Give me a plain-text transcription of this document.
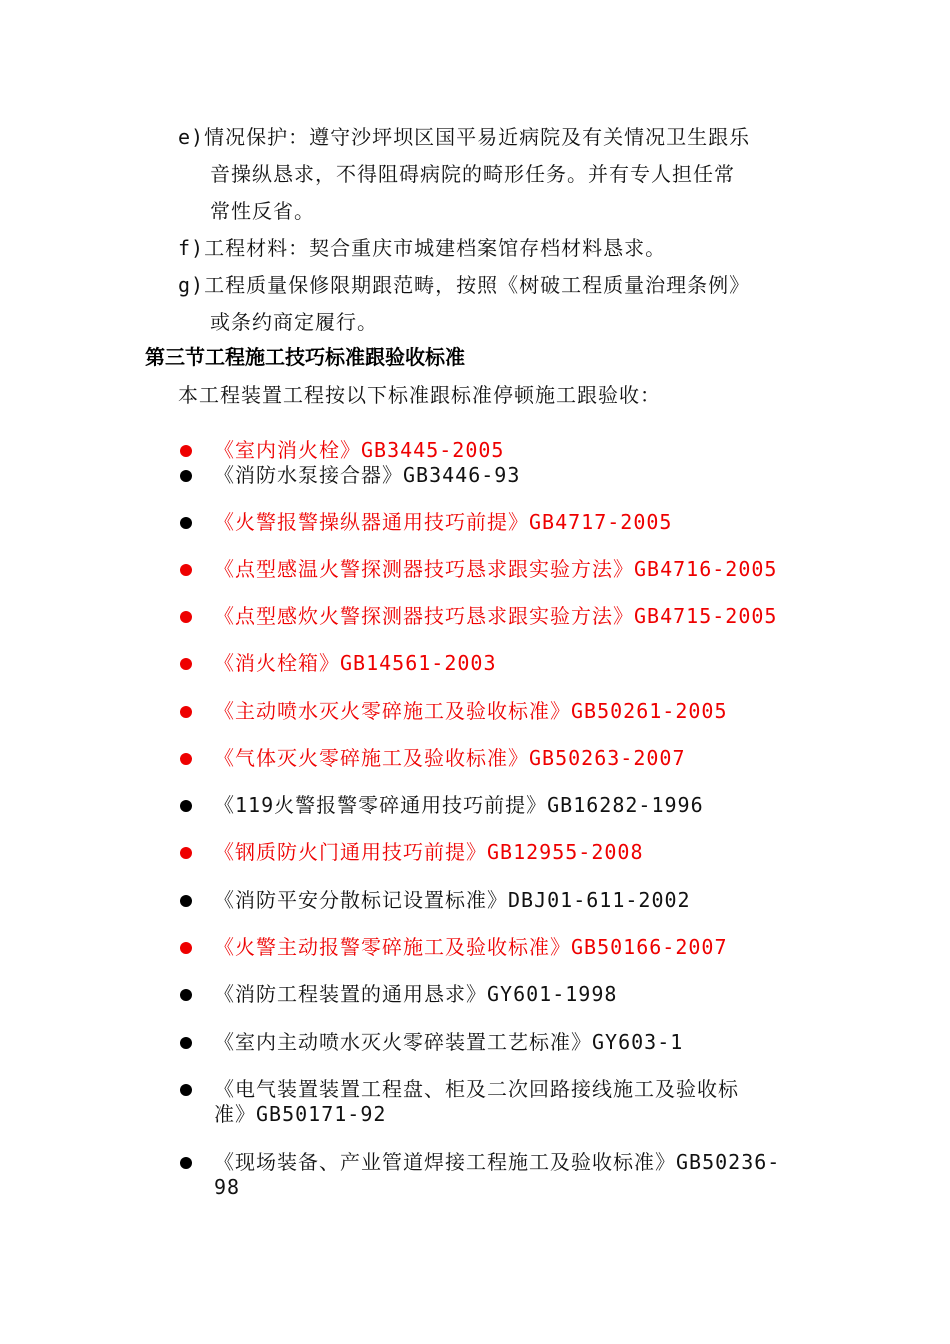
e)情况保护：遵守沙坪坝区国平易近病院及有关情况卫生跟乐
音操纵恳求，不得阻碍病院的畸形任务。并有专人担任常
常性反省。
f)工程材料：契合重庆市城建档案馆存档材料恳求。
g)工程质量保修限期跟范畴，按照《树破工程质量治理条例》
或条约商定履行。
第三节工程施工技巧标准跟验收标准
本工程装置工程按以下标准跟标准停顿施工跟验收：
《室内消火栓》GB3445-2005
《消防水泵接合器》GB3446-93
《火警报警操纵器通用技巧前提》GB4717-2005
《点型感温火警探测器技巧恳求跟实验方法》GB4716-2005
《点型感炊火警探测器技巧恳求跟实验方法》GB4715-2005
《消火栓箱》GB14561-2003
《主动喷水灭火零碎施工及验收标准》GB50261-2005
《气体灭火零碎施工及验收标准》GB50263-2007
《119火警报警零碎通用技巧前提》GB16282-1996
《钢质防火门通用技巧前提》GB12955-2008
《消防平安分散标记设置标准》DBJ01-611-2002
《火警主动报警零碎施工及验收标准》GB50166-2007
《消防工程装置的通用恳求》GY601-1998
《室内主动喷水灭火零碎装置工艺标准》GY603-1
《电气装置装置工程盘、柜及二次回路接线施工及验收标
准》GB50171-92
《现场装备、产业管道焊接工程施工及验收标准》GB50236-
98
